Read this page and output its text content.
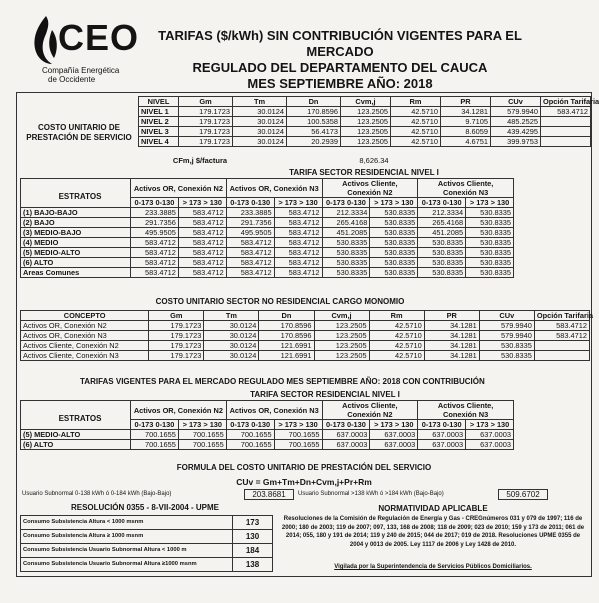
CEO
Compañía Energética
de Occidente
TARIFAS ($/kWh) SIN CONTRIBUCIÓN VIGENTES PARA EL MERCADO
REGULADO DEL DEPARTAMENTO DEL CAUCA
MES SEPTIEMBRE AÑO: 2018
COSTO UNITARIO DE PRESTACIÓN DE SERVICIO
NIVEL	Gm	Tm	Dn	Cvm,j	Rm	PR	CUv	Opción Tarifaria
NIVEL 1	179.1723	30.0124	170.8596	123.2505	42.5710	34.1281	579.9940	583.4712
NIVEL 2	179.1723	30.0124	100.5358	123.2505	42.5710	9.7105	485.2525	
NIVEL 3	179.1723	30.0124	56.4173	123.2505	42.5710	8.6059	439.4295	
NIVEL 4	179.1723	30.0124	20.2939	123.2505	42.5710	4.6751	399.9753	
CFm,j $/factura	8,626.34
TARIFA SECTOR RESIDENCIAL NIVEL I
ESTRATOS
	Activos OR, Conexión N2		Activos OR, Conexión N3		Activos Cliente, Conexión N2		Activos Cliente, Conexión N3	
	0-173 0-130	> 173 > 130	0-173 0-130	> 173 > 130	0-173 0-130	> 173 > 130	0-173 0-130	> 173 > 130
(1) BAJO-BAJO	233.3885	583.4712	233.3885	583.4712	212.3334	530.8335	212.3334	530.8335
(2) BAJO	291.7356	583.4712	291.7356	583.4712	265.4168	530.8335	265.4168	530.8335
(3) MEDIO-BAJO	495.9505	583.4712	495.9505	583.4712	451.2085	530.8335	451.2085	530.8335
(4) MEDIO	583.4712	583.4712	583.4712	583.4712	530.8335	530.8335	530.8335	530.8335
(5) MEDIO-ALTO	583.4712	583.4712	583.4712	583.4712	530.8335	530.8335	530.8335	530.8335
(6) ALTO	583.4712	583.4712	583.4712	583.4712	530.8335	530.8335	530.8335	530.8335
Areas Comunes	583.4712	583.4712	583.4712	583.4712	530.8335	530.8335	530.8335	530.8335
COSTO UNITARIO SECTOR NO RESIDENCIAL CARGO MONOMIO
CONCEPTO	Gm	Tm	Dn	Cvm,j	Rm	PR	CUv	Opción Tarifaria
Activos OR, Conexión N2	179.1723	30.0124	170.8596	123.2505	42.5710	34.1281	579.9940	583.4712
Activos OR, Conexión N3	179.1723	30.0124	170.8596	123.2505	42.5710	34.1281	579.9940	583.4712
Activos Cliente, Conexión N2	179.1723	30.0124	121.6991	123.2505	42.5710	34.1281	530.8335	
Activos Cliente, Conexión N3	179.1723	30.0124	121.6991	123.2505	42.5710	34.1281	530.8335	
TARIFAS VIGENTES PARA EL MERCADO REGULADO MES SEPTIEMBRE AÑO: 2018 CON CONTRIBUCIÓN
TARIFA SECTOR RESIDENCIAL NIVEL I
ESTRATOS
	Activos OR, Conexión N2		Activos OR, Conexión N3		Activos Cliente, Conexión N2		Activos Cliente, Conexión N3	
	0-173 0-130	> 173 > 130	0-173 0-130	> 173 > 130	0-173 0-130	> 173 > 130	0-173 0-130	> 173 > 130
(5) MEDIO-ALTO	700.1655	700.1655	700.1655	700.1655	637.0003	637.0003	637.0003	637.0003
(6) ALTO	700.1655	700.1655	700.1655	700.1655	637.0003	637.0003	637.0003	637.0003
FORMULA DEL COSTO UNITARIO DE PRESTACIÓN DEL SERVICIO
CUv = Gm+Tm+Dn+Cvm,j+Pr+Rm
Usuario Subnormal 0-138 kWh ó 0-184 kWh (Bajo-Bajo)	203.8681	Usuario Subnormal >138 kWh ó >184 kWh (Bajo-Bajo)	509.6702
RESOLUCIÓN 0355 - 8-VII-2004 - UPME
Consumo Subsistencia Altura < 1000 msnm	173
Consumo Subsistencia Altura ≥ 1000 msnm	130
Consumo Subsistencia Usuario Subnormal Altura < 1000 m	184
Consumo Subsistencia Usuario Subnormal Altura ≥1000 msnm	138
NORMATIVIDAD APLICABLE
Resoluciones de la Comisión de Regulación de Energía y Gas - CREGnúmeros 031 y 079 de 1997; 116 de 2000; 180 de 2003; 119 de 2007; 097, 133, 168 de 2008; 118 de 2009; 023 de 2010; 159 y 173 de 2011; 061 de 2014; 055, 180 y 191 de 2014; 119 y 240 de 2015; 044 de 2017; 019 de 2018. Resoluciones UPME 0355 de 2004 y 0013 de 2005. Ley 1117 de 2006 y Ley 1428 de 2010.
Vigilada por la Superintendencia de Servicios Públicos Domiciliarios.
